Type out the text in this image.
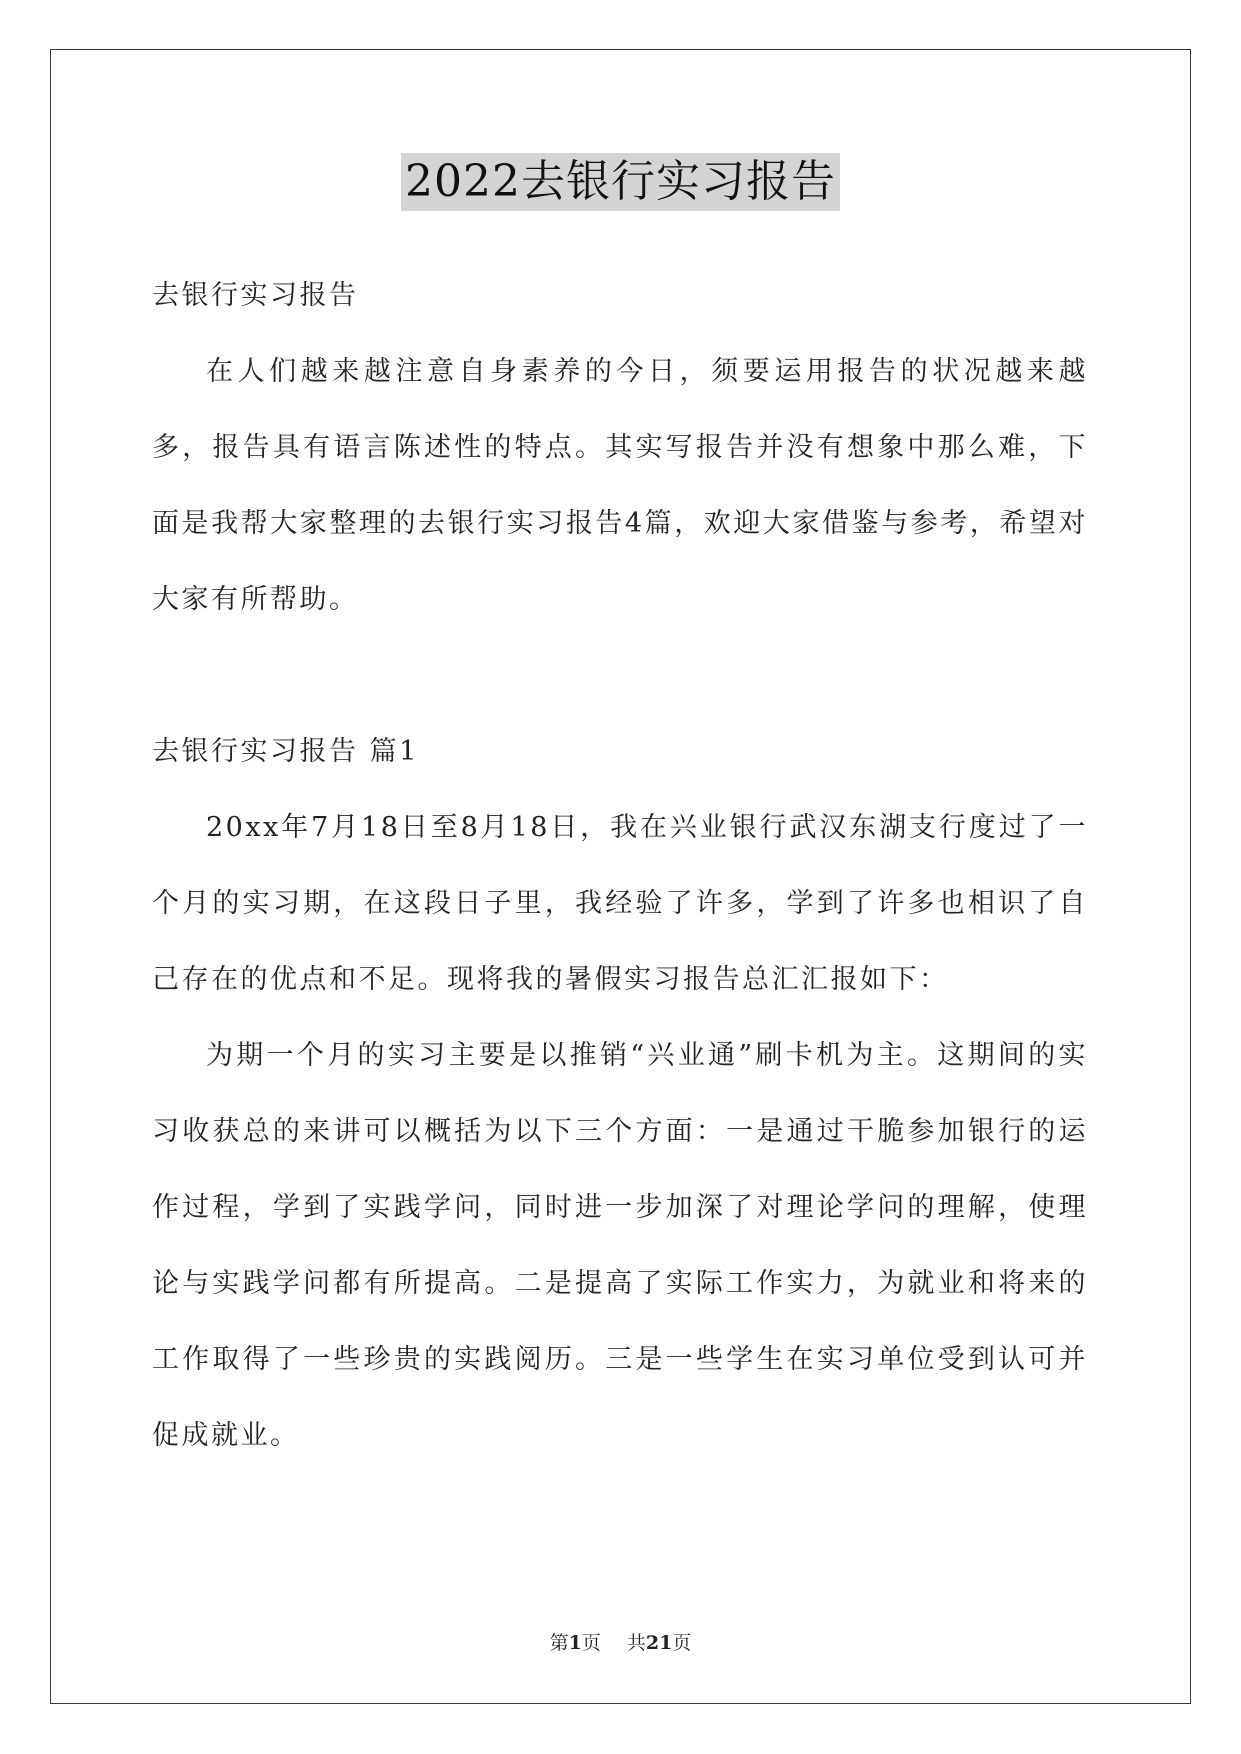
2022去银行实习报告

去银行实习报告

在人们越来越注意自身素养的今日，须要运用报告的状况越来越多，报告具有语言陈述性的特点。其实写报告并没有想象中那么难，下面是我帮大家整理的去银行实习报告4篇，欢迎大家借鉴与参考，希望对大家有所帮助。

去银行实习报告 篇1

20xx年7月18日至8月18日，我在兴业银行武汉东湖支行度过了一个月的实习期，在这段日子里，我经验了许多，学到了许多也相识了自己存在的优点和不足。现将我的暑假实习报告总汇汇报如下：

为期一个月的实习主要是以推销“兴业通”刷卡机为主。这期间的实习收获总的来讲可以概括为以下三个方面：一是通过干脆参加银行的运作过程，学到了实践学问，同时进一步加深了对理论学问的理解，使理论与实践学问都有所提高。二是提高了实际工作实力，为就业和将来的工作取得了一些珍贵的实践阅历。三是一些学生在实习单位受到认可并促成就业。

第1页 共21页
